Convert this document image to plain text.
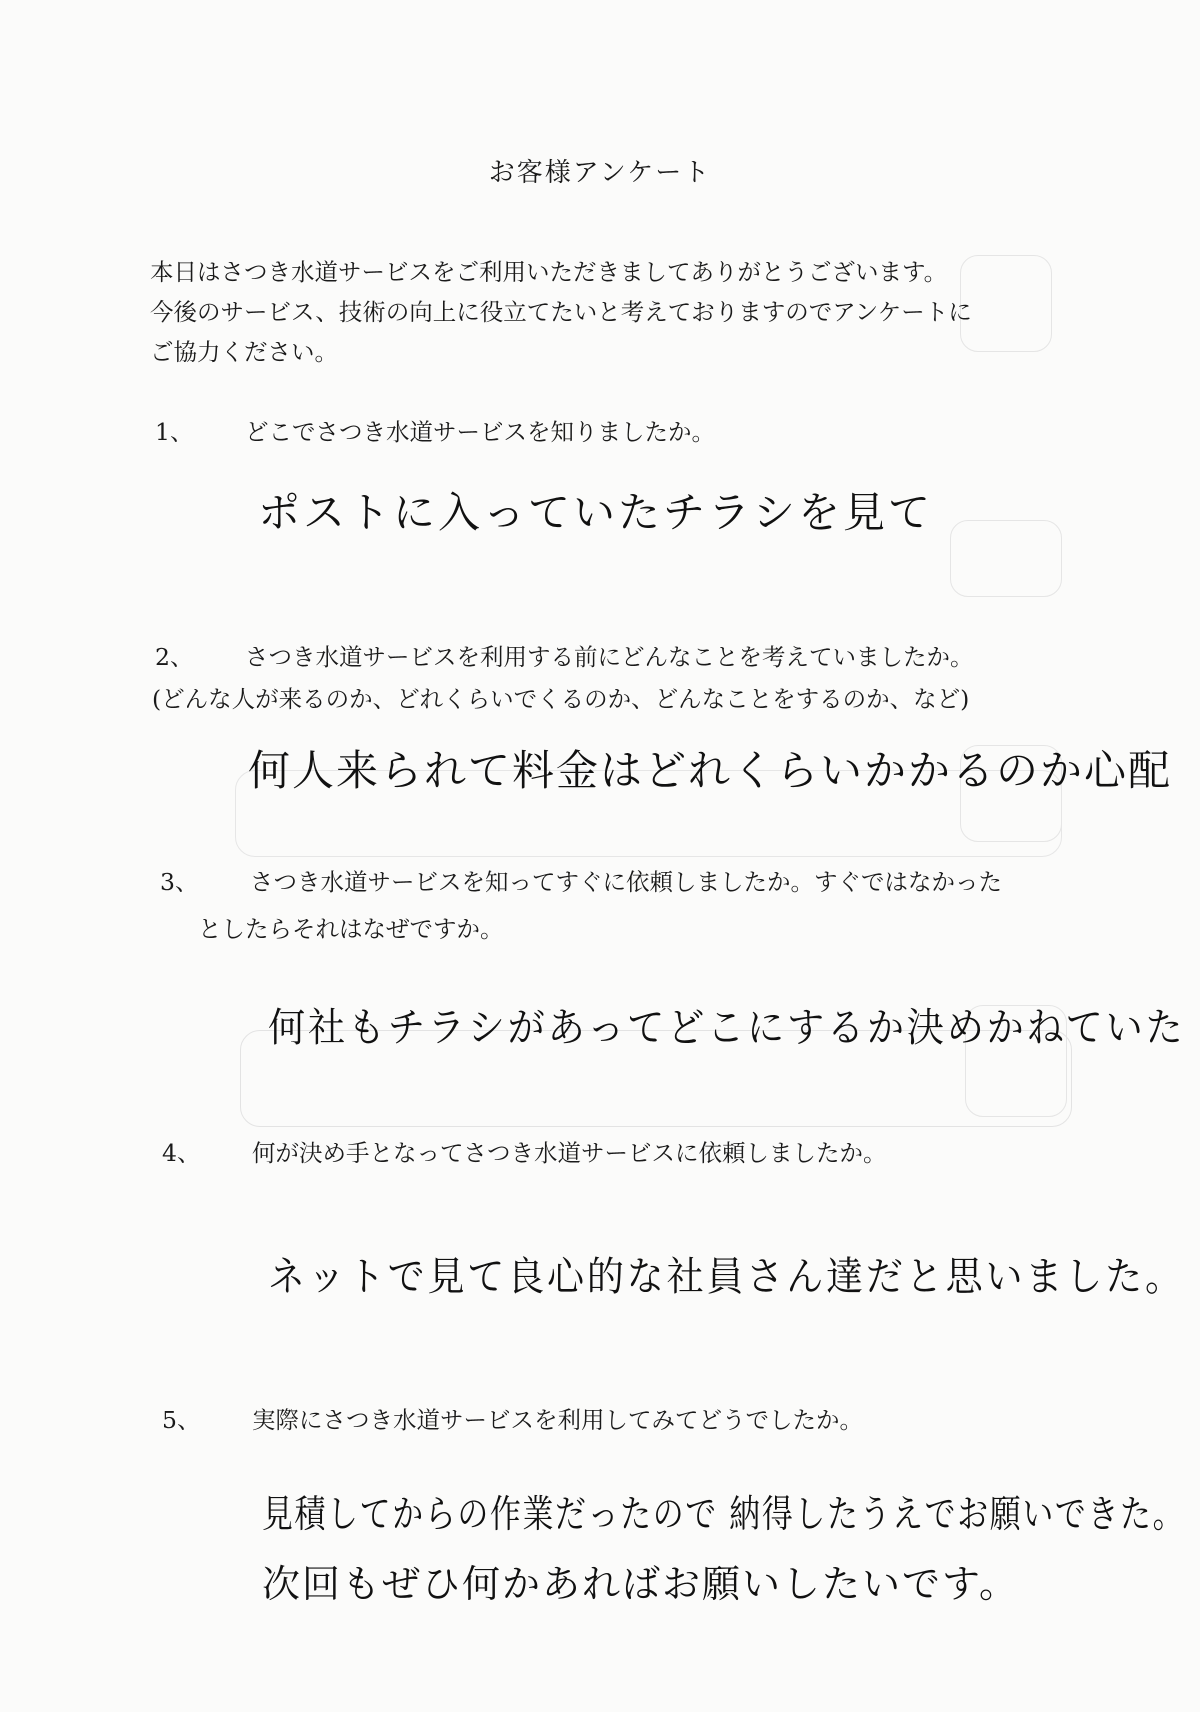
お客様アンケート
本日はさつき水道サービスをご利用いただきましてありがとうございます。
今後のサービス、技術の向上に役立てたいと考えておりますのでアンケートに
ご協力ください。
1、 どこでさつき水道サービスを知りましたか。
ポストに入っていたチラシを見て
2、 さつき水道サービスを利用する前にどんなことを考えていましたか。
(どんな人が来るのか、どれくらいでくるのか、どんなことをするのか、など)
何人来られて料金はどれくらいかかるのか心配
3、 さつき水道サービスを知ってすぐに依頼しましたか。すぐではなかった
としたらそれはなぜですか。
何社もチラシがあってどこにするか決めかねていた
4、 何が決め手となってさつき水道サービスに依頼しましたか。
ネットで見て良心的な社員さん達だと思いました。
5、 実際にさつき水道サービスを利用してみてどうでしたか。
見積してからの作業だったので 納得したうえでお願いできた。
次回もぜひ何かあればお願いしたいです。
